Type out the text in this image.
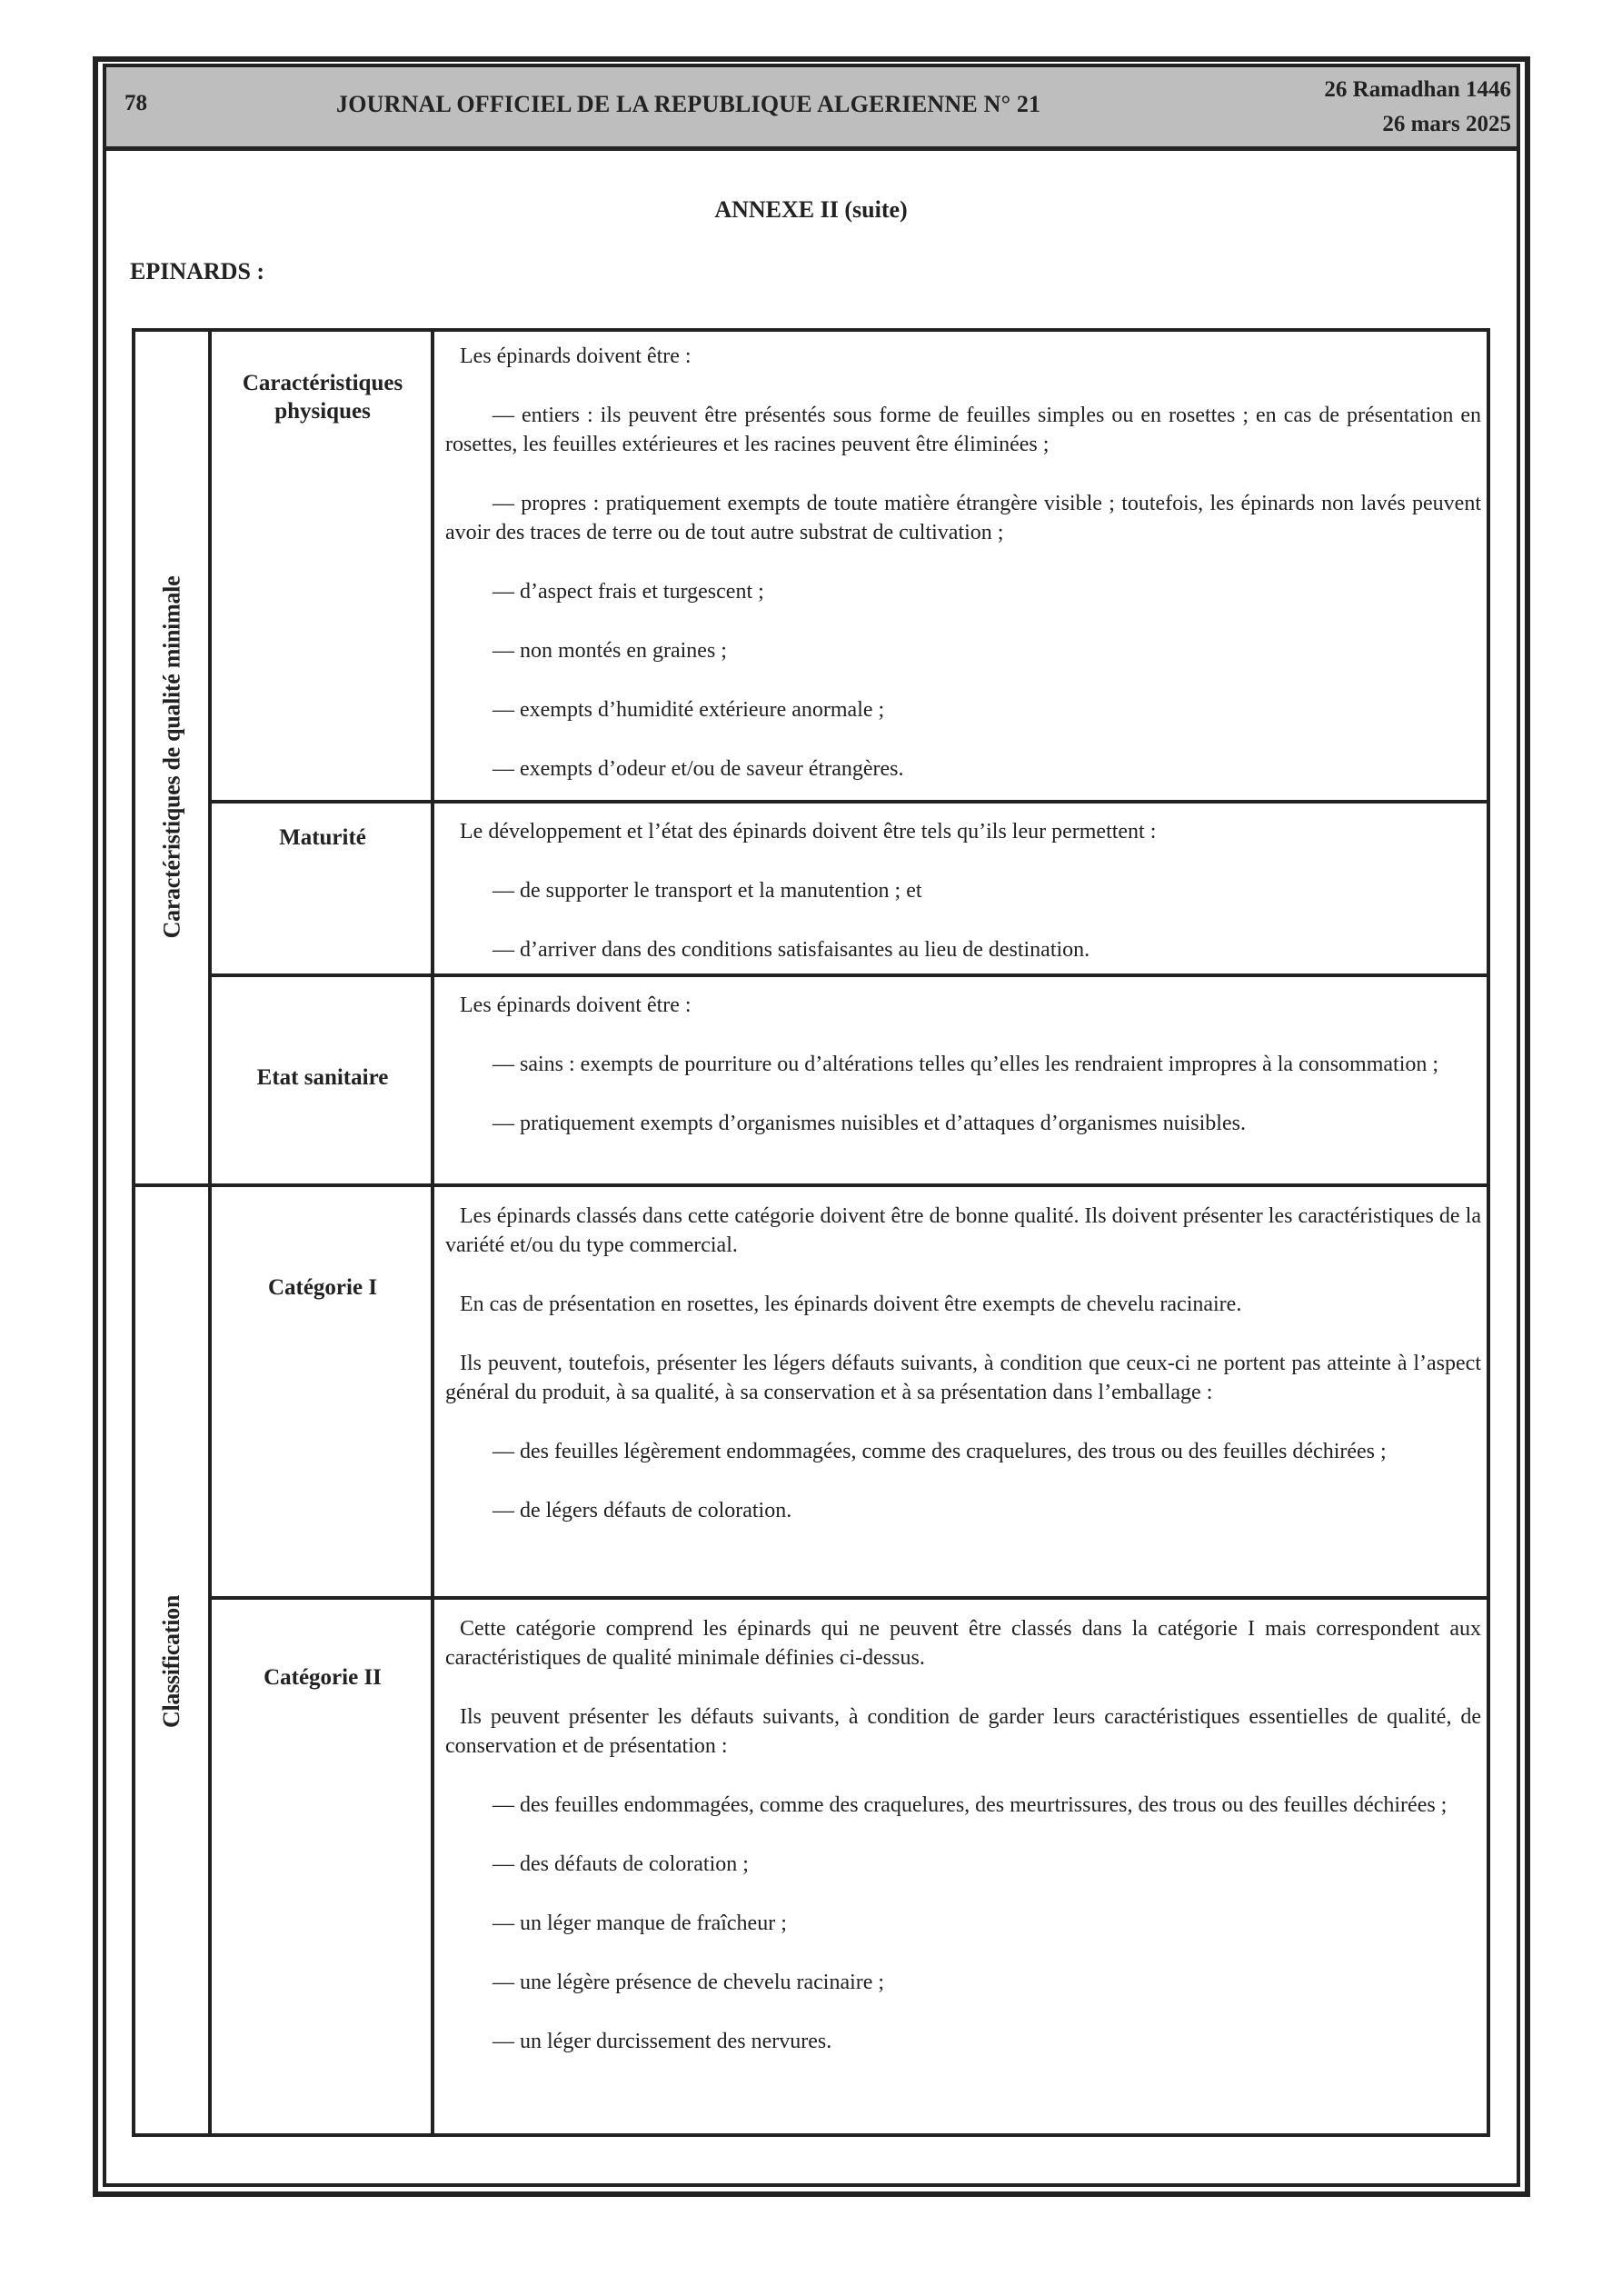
78	JOURNAL OFFICIEL DE LA REPUBLIQUE ALGERIENNE N° 21
26 Ramadhan 1446
26 mars 2025
ANNEXE II (suite)
EPINARDS :
Caractéristiques de qualité minimale
Classification
Caractéristiques physiques
Maturité
Etat sanitaire
Catégorie I
Catégorie II

Les épinards doivent être :

— entiers : ils peuvent être présentés sous forme de feuilles simples ou en rosettes ; en cas de présentation en rosettes, les feuilles extérieures et les racines peuvent être éliminées ;

— propres : pratiquement exempts de toute matière étrangère visible ; toutefois, les épinards non lavés peuvent avoir des traces de terre ou de tout autre substrat de cultivation ;

— d’aspect frais et turgescent ;

— non montés en graines ;

— exempts d’humidité extérieure anormale ;

— exempts d’odeur et/ou de saveur étrangères.

Le développement et l’état des épinards doivent être tels qu’ils leur permettent :

— de supporter le transport et la manutention ; et

— d’arriver dans des conditions satisfaisantes au lieu de destination.

Les épinards doivent être :

— sains : exempts de pourriture ou d’altérations telles qu’elles les rendraient impropres à la consommation ;

— pratiquement exempts d’organismes nuisibles et d’attaques d’organismes nuisibles.

Les épinards classés dans cette catégorie doivent être de bonne qualité. Ils doivent présenter les caractéristiques de la variété et/ou du type commercial.

En cas de présentation en rosettes, les épinards doivent être exempts de chevelu racinaire.

Ils peuvent, toutefois, présenter les légers défauts suivants, à condition que ceux-ci ne portent pas atteinte à l’aspect général du produit, à sa qualité, à sa conservation et à sa présentation dans l’emballage :

— des feuilles légèrement endommagées, comme des craquelures, des trous ou des feuilles déchirées ;

— de légers défauts de coloration.

Cette catégorie comprend les épinards qui ne peuvent être classés dans la catégorie I mais correspondent aux caractéristiques de qualité minimale définies ci-dessus.

Ils peuvent présenter les défauts suivants, à condition de garder leurs caractéristiques essentielles de qualité, de conservation et de présentation :

— des feuilles endommagées, comme des craquelures, des meurtrissures, des trous ou des feuilles déchirées ;

— des défauts de coloration ;

— un léger manque de fraîcheur ;

— une légère présence de chevelu racinaire ;

— un léger durcissement des nervures.
